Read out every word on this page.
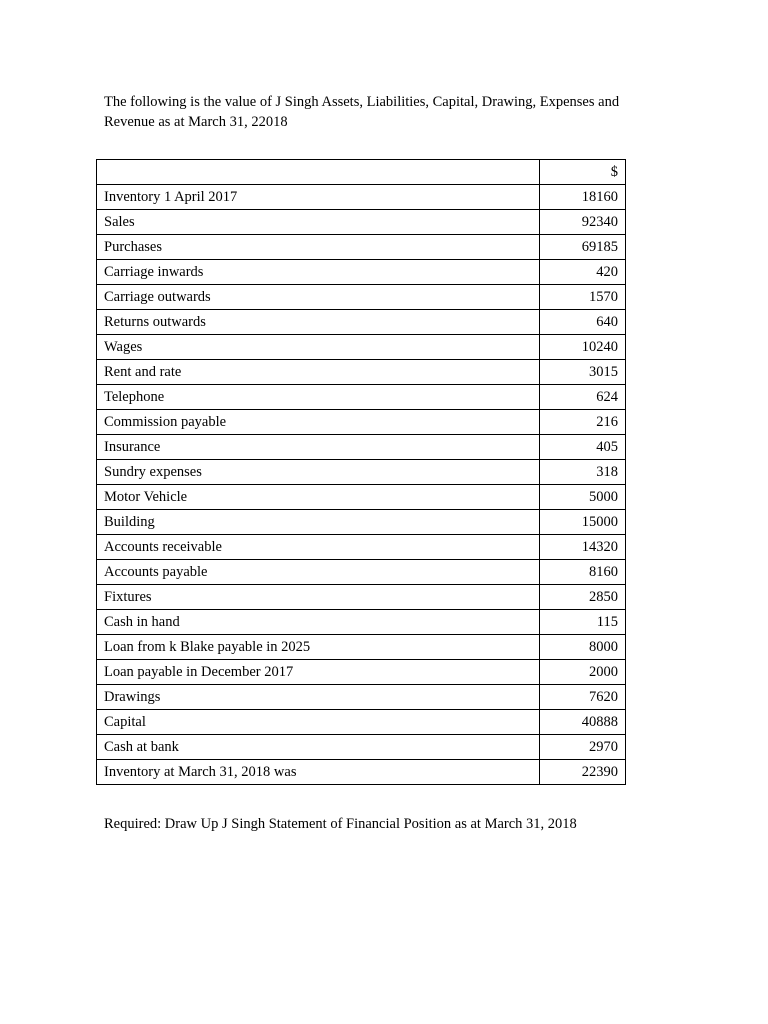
The following is the value of J Singh Assets, Liabilities, Capital, Drawing, Expenses and Revenue as at March 31, 22018

	$
Inventory 1 April 2017	18160
Sales	92340
Purchases	69185
Carriage inwards	420
Carriage outwards	1570
Returns outwards	640
Wages	10240
Rent and rate	3015
Telephone	624
Commission payable	216
Insurance	405
Sundry expenses	318
Motor Vehicle	5000
Building	15000
Accounts receivable	14320
Accounts payable	8160
Fixtures	2850
Cash in hand	115
Loan from k Blake payable in 2025	8000
Loan payable in December 2017	2000
Drawings	7620
Capital	40888
Cash at bank	2970
Inventory at March 31, 2018 was	22390

Required: Draw Up J Singh Statement of Financial Position as at March 31, 2018
